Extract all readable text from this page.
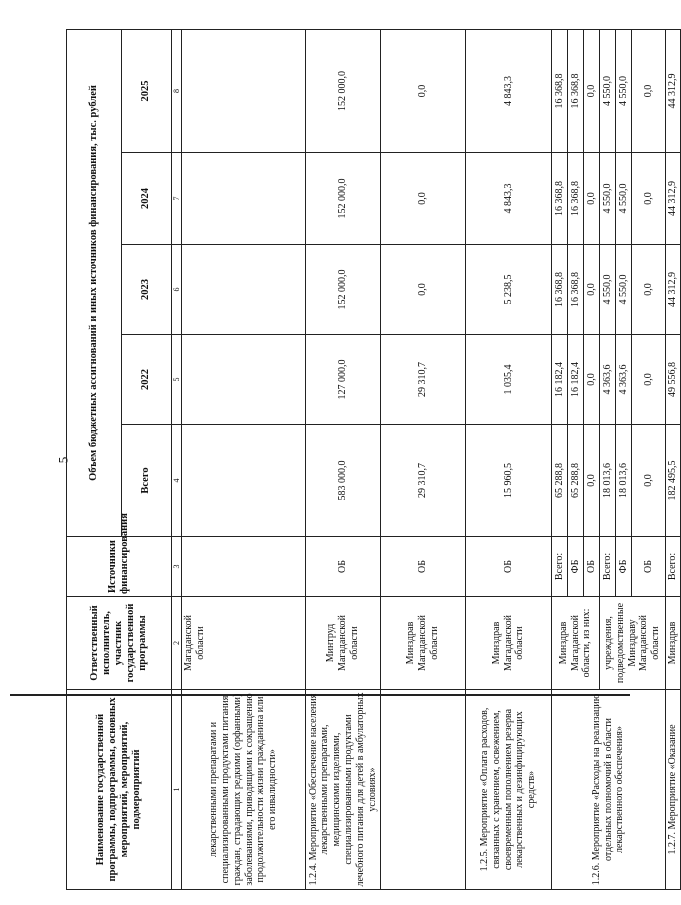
5
Наименование государственной программы, подпрограммы, основных мероприятий, мероприятий, подмероприятий	Ответственный исполнитель, участник государственной программы	Источники финансирования	Объем бюджетных ассигнований и иных источников финансирования, тыс. рублей				
			Всего	2022	2023	2024	2025
1	2	3	4	5	6	7	8
лекарственными препаратами и специализированными продуктами питания граждан, страдающих редкими (орфанными) заболеваниями, приводящими к сокращению продолжительности жизни гражданина или его инвалидности»	Магаданской области						
1.2.4. Мероприятие «Обеспечение населения лекарственными препаратами, медицинскими изделиями, специализированными продуктами лечебного питания для детей в амбулаторных условиях»	Минтруд Магаданской области	ОБ	583 000,0	127 000,0	152 000,0	152 000,0	152 000,0
	Минздрав Магаданской области	ОБ	29 310,7	29 310,7	0,0	0,0	0,0
1.2.5. Мероприятие «Оплата расходов, связанных с хранением, освежением, своевременным пополнением резерва лекарственных и дезинфицирующих средств»	Минздрав Магаданской области	ОБ	15 960,5	1 035,4	5 238,5	4 843,3	4 843,3
1.2.6. Мероприятие «Расходы на реализацию отдельных полномочий в области лекарственного обеспечения»	Минздрав Магаданской области, из них:	Всего:	65 288,8	16 182,4	16 368,8	16 368,8	16 368,8
		ФБ	65 288,8	16 182,4	16 368,8	16 368,8	16 368,8
		ОБ	0,0	0,0	0,0	0,0	0,0
	учреждения, подведомственные Минздраву Магаданской области	Всего:	18 013,6	4 363,6	4 550,0	4 550,0	4 550,0
		ФБ	18 013,6	4 363,6	4 550,0	4 550,0	4 550,0
		ОБ	0,0	0,0	0,0	0,0	0,0
1.2.7. Мероприятие «Оказание	Минздрав	Всего:	182 495,5	49 556,8	44 312,9	44 312,9	44 312,9
